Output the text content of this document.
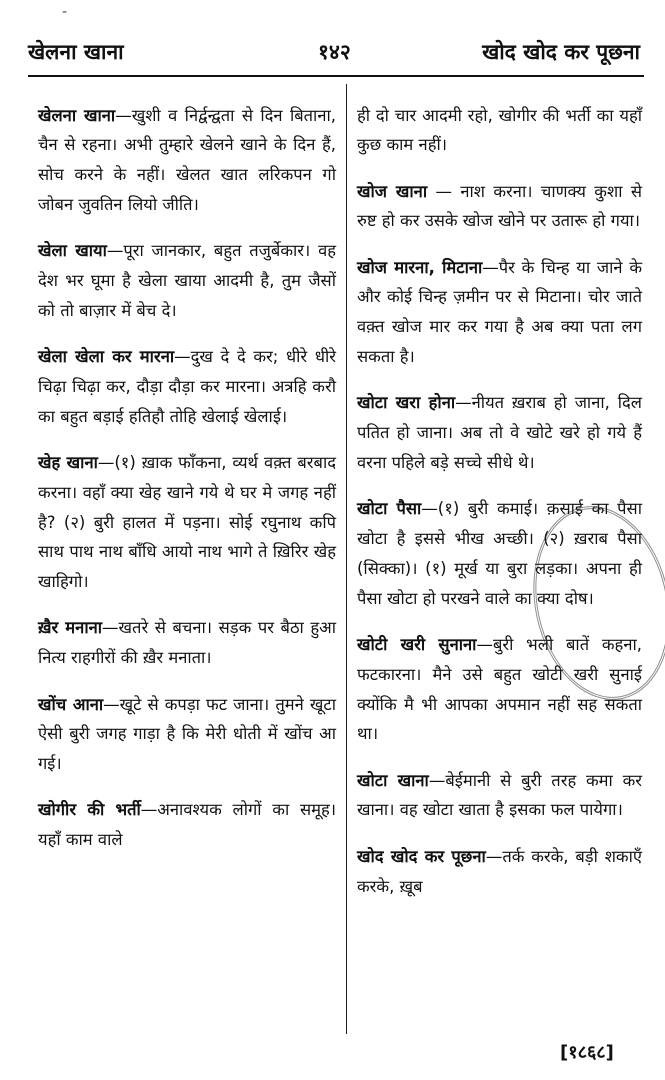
-
खेलना खाना	१४२	खोद खोद कर पूछना

खेलना खाना—खुशी व निर्द्वन्द्वता से दिन बिताना, चैन से रहना। अभी तुम्हारे खेलने खाने के दिन हैं, सोच करने के नहीं। खेलत खात लरिकपन गो जोबन जुवतिन लियो जीति।

खेला खाया—पूरा जानकार, बहुत तजुर्बेकार। वह देश भर घूमा है खेला खाया आदमी है, तुम जैसों को तो बाज़ार में बेच दे।

खेला खेला कर मारना—दुख दे दे कर; धीरे धीरे चिढ़ा चिढ़ा कर, दौड़ा दौड़ा कर मारना। अत्रहि करौ का बहुत बड़ाई हतिहौ तोहि खेलाई खेलाई।

खेह खाना—(१) ख़ाक फाँकना, व्यर्थ वक़्त बरबाद करना। वहाँ क्या खेह खाने गये थे घर मे जगह नहीं है? (२) बुरी हालत में पड़ना। सोई रघुनाथ कपि साथ पाथ नाथ बाँधि आयो नाथ भागे ते ख़िरिर खेह खाहिगो।

ख़ैर मनाना—खतरे से बचना। सड़क पर बैठा हुआ नित्य राहगीरों की ख़ैर मनाता।

खोंच आना—खूटे से कपड़ा फट जाना। तुमने खूटा ऐसी बुरी जगह गाड़ा है कि मेरी धोती में खोंच आ गई।

खोगीर की भर्ती—अनावश्यक लोगों का समूह। यहाँ काम वाले

ही दो चार आदमी रहो, खोगीर की भर्ती का यहाँ कुछ काम नहीं।

खोज खाना — नाश करना। चाणक्य कुशा से रुष्ट हो कर उसके खोज खोने पर उतारू हो गया।

खोज मारना, मिटाना—पैर के चिन्ह या जाने के और कोई चिन्ह ज़मीन पर से मिटाना। चोर जाते वक़्त खोज मार कर गया है अब क्या पता लग सकता है।

खोटा खरा होना—नीयत ख़राब हो जाना, दिल पतित हो जाना। अब तो वे खोटे खरे हो गये हैं वरना पहिले बड़े सच्चे सीधे थे।

खोटा पैसा—(१) बुरी कमाई। क़साई का पैसा खोटा है इससे भीख अच्छी। (२) ख़राब पैसा (सिक्का)। (१) मूर्ख या बुरा लड़का। अपना ही पैसा खोटा हो परखने वाले का क्या दोष।

खोटी खरी सुनाना—बुरी भली बातें कहना, फटकारना। मैने उसे बहुत खोटी खरी सुनाई क्योंकि मै भी आपका अपमान नहीं सह सकता था।

खोटा खाना—बेईमानी से बुरी तरह कमा कर खाना। वह खोटा खाता है इसका फल पायेगा।

खोद खोद कर पूछना—तर्क करके, बड़ी शकाएँ करके, ख़ूब

[१८६८]
